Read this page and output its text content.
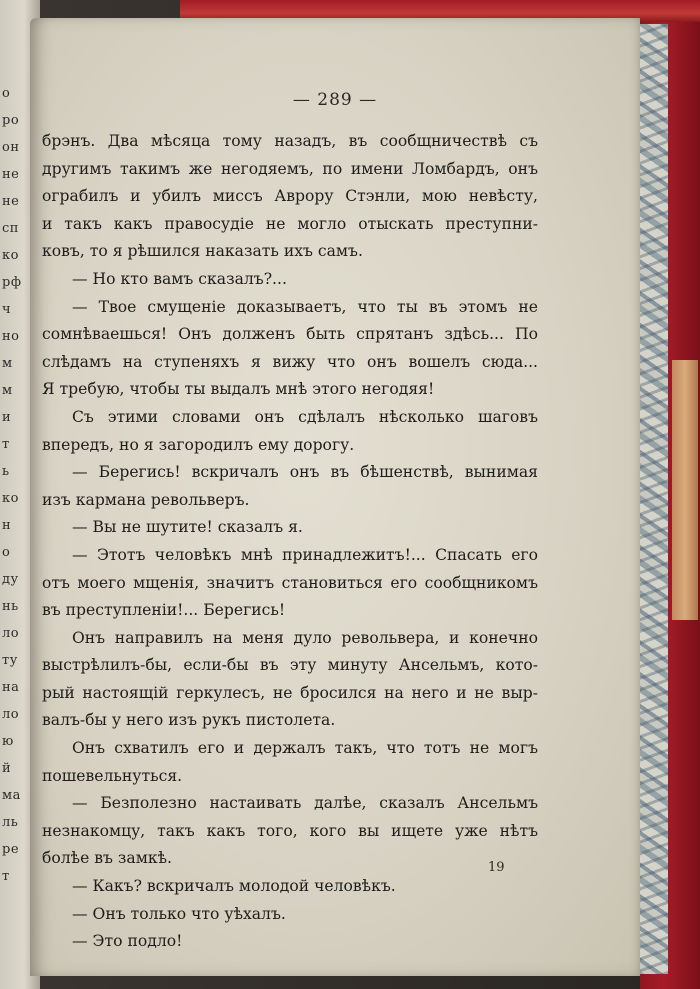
о
ро
он
не
не
сп
ко
рф
ч
но
м
м
и
т
ь
ко
н
о
ду
нь
ло
ту
на
ло
ю
й
ма
ль
ре
т
— 289 —
брэнъ. Два мѣсяца тому назадъ, въ сообщничествѣ съ
другимъ такимъ же негодяемъ, по имени Ломбардъ, онъ
ограбилъ и убилъ миссъ Аврору Стэнли, мою невѣсту,
и такъ какъ правосудіе не могло отыскать преступни-
ковъ, то я рѣшился наказать ихъ самъ.
— Но кто вамъ сказалъ?...
— Твое смущеніе доказываетъ, что ты въ этомъ не
сомнѣваешься! Онъ долженъ быть спрятанъ здѣсь... По
слѣдамъ на ступеняхъ я вижу что онъ вошелъ сюда...
Я требую, чтобы ты выдалъ мнѣ этого негодяя!
Съ этими словами онъ сдѣлалъ нѣсколько шаговъ
впередъ, но я загородилъ ему дорогу.
— Берегись! вскричалъ онъ въ бѣшенствѣ, вынимая
изъ кармана револьверъ.
— Вы не шутите! сказалъ я.
— Этотъ человѣкъ мнѣ принадлежитъ!... Спасать его
отъ моего мщенія, значитъ становиться его сообщникомъ
въ преступленіи!... Берегись!
Онъ направилъ на меня дуло револьвера, и конечно
выстрѣлилъ-бы, если-бы въ эту минуту Ансельмъ, кото-
рый настоящій геркулесъ, не бросился на него и не выр-
валъ-бы у него изъ рукъ пистолета.
Онъ схватилъ его и держалъ такъ, что тотъ не могъ
пошевельнуться.
— Безполезно настаивать далѣе, сказалъ Ансельмъ
незнакомцу, такъ какъ того, кого вы ищете уже нѣтъ
болѣе въ замкѣ.
— Какъ? вскричалъ молодой человѣкъ.
— Онъ только что уѣхалъ.
— Это подло!
19
